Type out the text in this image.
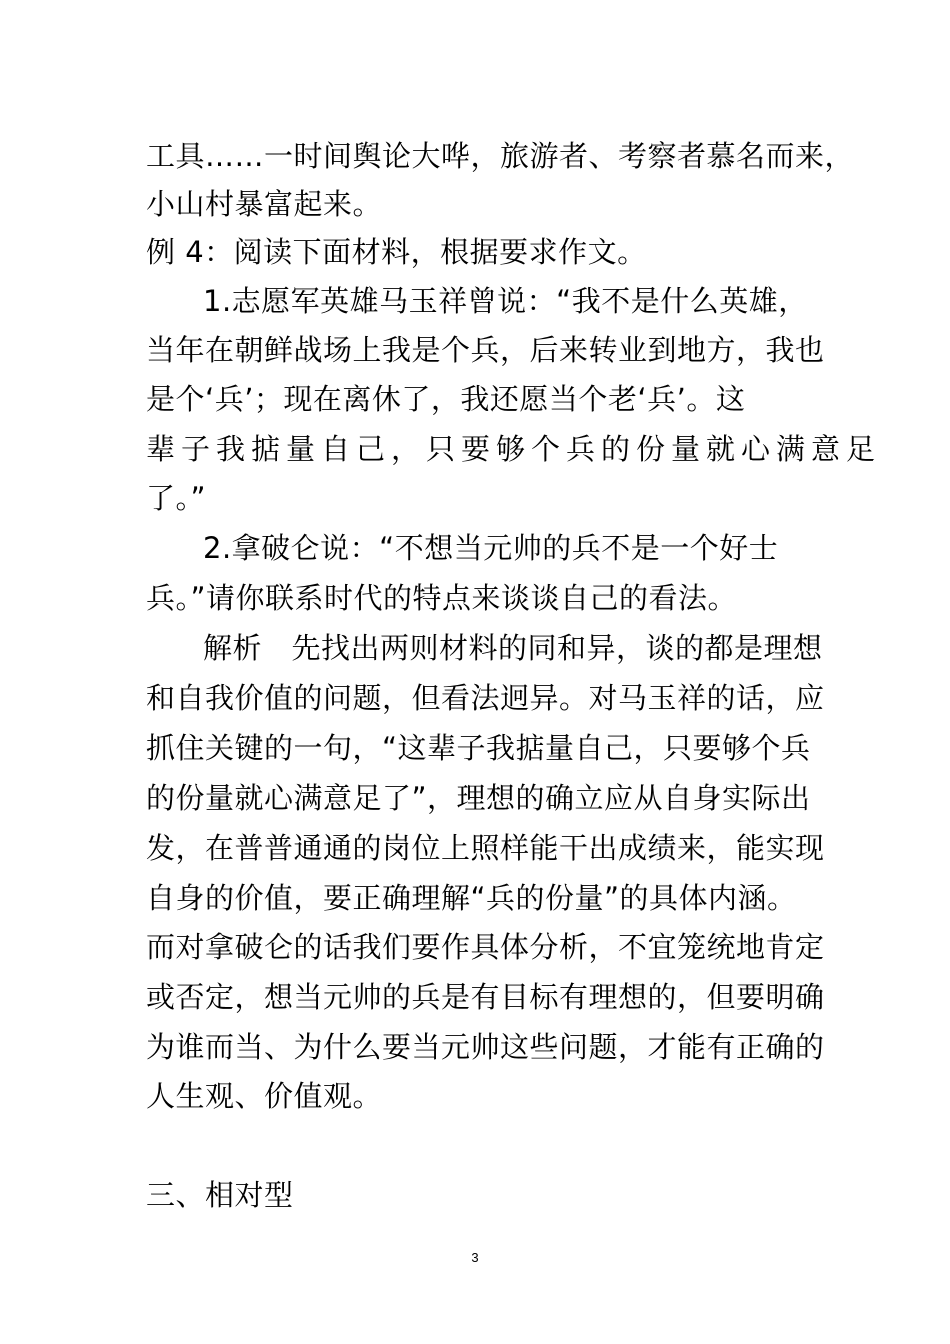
工具……一时间舆论大哗，旅游者、考察者慕名而来，
小山村暴富起来。
例 4：阅读下面材料，根据要求作文。
1.志愿军英雄马玉祥曾说：“我不是什么英雄，
当年在朝鲜战场上我是个兵，后来转业到地方，我也
是个‘兵’；现在离休了，我还愿当个老‘兵’。这
辈子我掂量自己，只要够个兵的份量就心满意足
了。”
2.拿破仑说：“不想当元帅的兵不是一个好士
兵。”请你联系时代的特点来谈谈自己的看法。
解析　先找出两则材料的同和异，谈的都是理想
和自我价值的问题，但看法迥异。对马玉祥的话，应
抓住关键的一句，“这辈子我掂量自己，只要够个兵
的份量就心满意足了”，理想的确立应从自身实际出
发，在普普通通的岗位上照样能干出成绩来，能实现
自身的价值，要正确理解“兵的份量”的具体内涵。
而对拿破仑的话我们要作具体分析，不宜笼统地肯定
或否定，想当元帅的兵是有目标有理想的，但要明确
为谁而当、为什么要当元帅这些问题，才能有正确的
人生观、价值观。
三、相对型
3
